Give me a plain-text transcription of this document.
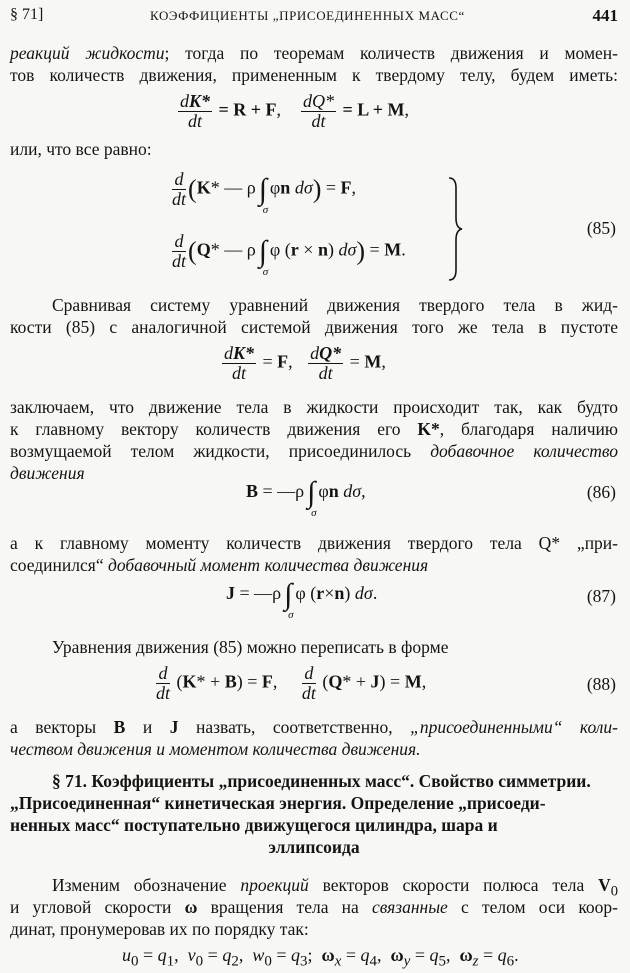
§ 71]	КОЭФФИЦИЕНТЫ „ПРИСОЕДИНЕННЫХ МАСС“	441
реакций жидкости; тогда по теоремам количеств движения и момен-
тов количеств движения, примененным к твердому телу, будем иметь:
$\frac{dK*}{dt} = R + F$, $\frac{dQ*}{dt} = L + M$,
или, что все равно:
$\frac{d}{dt} (K*$ — ρ ∫
σ
φn dσ) = F,
$\frac{d}{dt} (Q*$ — ρ ∫
σ
φ (r × n) dσ) = M.
(85)
Сравнивая систему уравнений движения твердого тела в жид-
кости (85) с аналогичной системой движения того же тела в пустоте
$\frac{dK*}{dt} = F$, $\frac{dQ*}{dt} = M$,
заключаем, что движение тела в жидкости происходит так, как будто
к главному вектору количеств движения его K*, благодаря наличию
возмущаемой телом жидкости, присоединилось добавочное количество
движения
B = —ρ ∫
σ
φn dσ,	(86)
а к главному моменту количеств движения твердого тела Q* „при-
соединился“ добавочный момент количества движения
J = —ρ ∫
σ
φ (r×n) dσ.	(87)
Уравнения движения (85) можно переписать в форме
$\frac{d}{dt} (K* + B) = F$, $\frac{d}{dt} (Q* + J) = M$,	(88)
а векторы B и J назвать, соответственно, „присоединенными“ коли-
чеством движения и моментом количества движения.
§ 71. Коэффициенты „присоединенных масс“. Свойство симметрии.
„Присоединенная“ кинетическая энергия. Определение „присоеди-
ненных масс“ поступательно движущегося цилиндра, шара и
эллипсоида
Изменим обозначение проекций векторов скорости полюса тела $V_0$
и угловой скорости ω вращения тела на связанные с телом оси коор-
динат, пронумеровав их по порядку так:
$u_0 = q_1$,  $v_0 = q_2$,  $w_0 = q_3$;  $\omega_x = q_4$,  $\omega_y = q_5$,  $\omega_z = q_6$.
